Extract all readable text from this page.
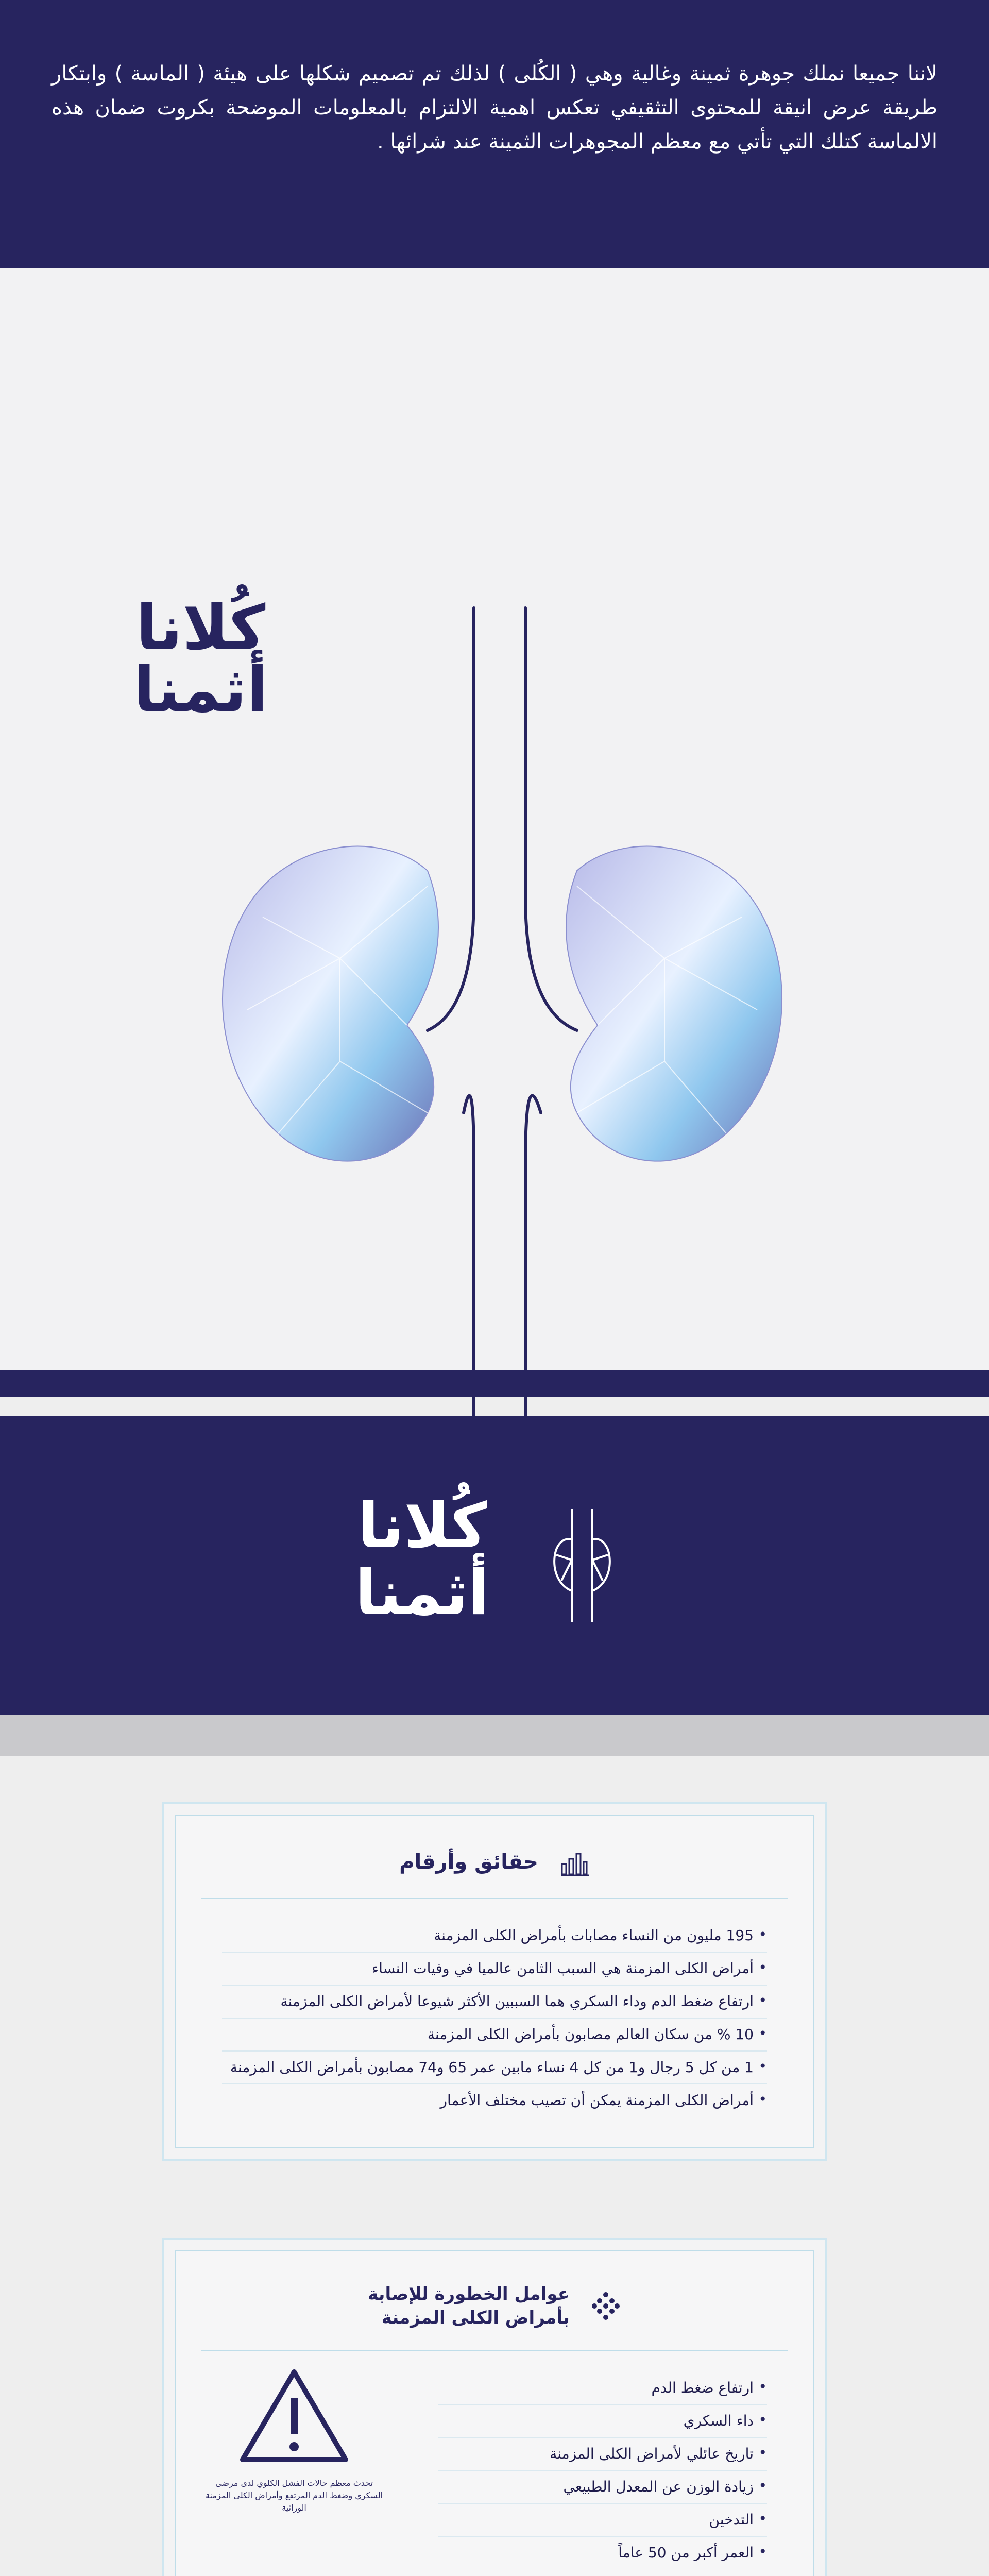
لاننا جميعا نملك جوهرة ثمينة وغالية وهي ( الكُلى ) لذلك تم تصميم شكلها على هيئة ( الماسة ) وابتكار طريقة عرض انيقة للمحتوى التثقيفي تعكس اهمية الالتزام بالمعلومات الموضحة بكروت ضمان هذه الالماسة كتلك التي تأتي مع معظم المجوهرات الثمينة عند شرائها .

كُلانا
أثمنا

كُلانا
أثمنا
حقائق وأرقام
• 195 مليون من النساء مصابات بأمراض الكلى المزمنة
• أمراض الكلى المزمنة هي السبب الثامن عالميا في وفيات النساء
• ارتفاع ضغط الدم وداء السكري هما السببين الأكثر شيوعا لأمراض الكلى المزمنة
• 10 % من سكان العالم مصابون بأمراض الكلى المزمنة
• 1 من كل 5 رجال و1 من كل 4 نساء مابين عمر 65 و74 مصابون بأمراض الكلى المزمنة
• أمراض الكلى المزمنة يمكن أن تصيب مختلف الأعمار
عوامل الخطورة للإصابة
بأمراض الكلى المزمنة
• ارتفاع ضغط الدم
• داء السكري
• تاريخ عائلي لأمراض الكلى المزمنة
• زيادة الوزن عن المعدل الطبيعي
• التدخين
• العمر أكبر من 50 عاماً
تحدث معظم حالات الفشل الكلوي لدى مرضى السكري وضغط الدم المرتفع وأمراض الكلى المزمنة الوراثية
